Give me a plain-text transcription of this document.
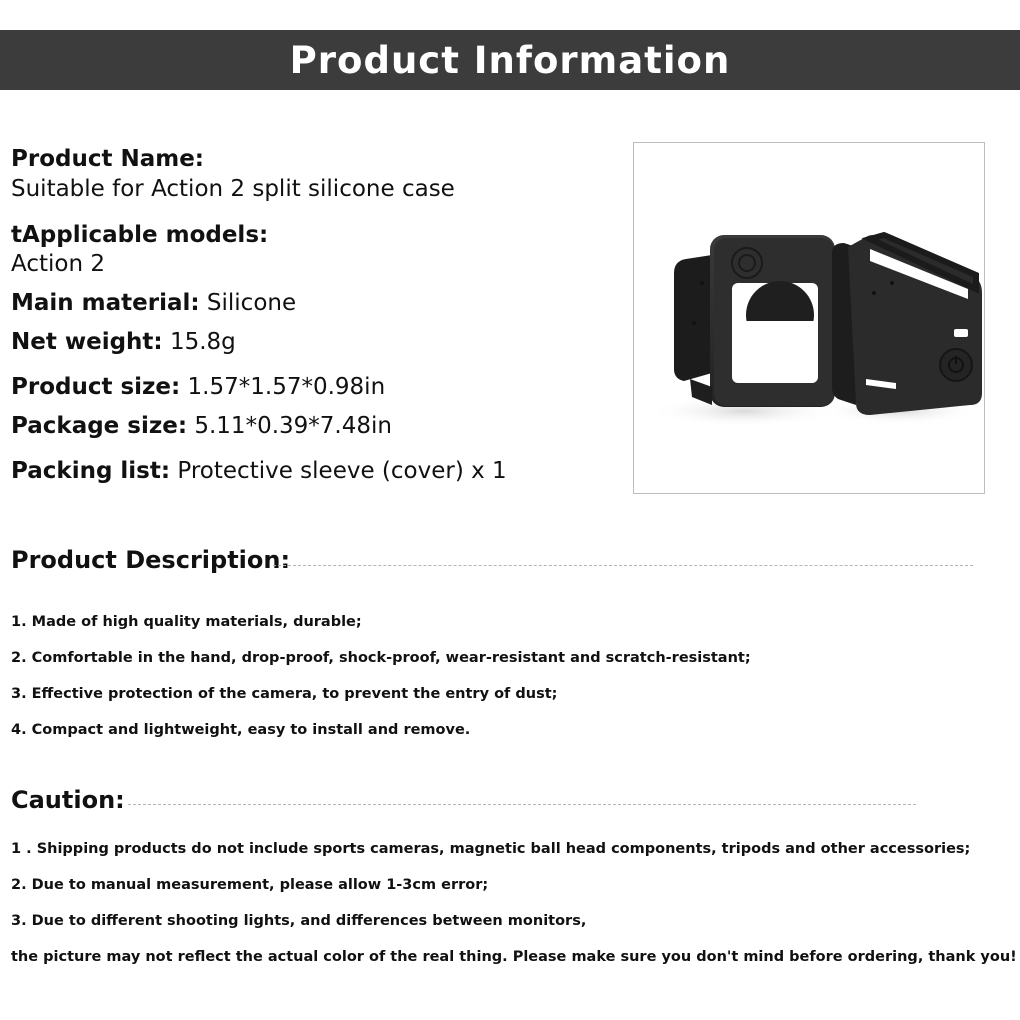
Product Information
Product Name:
Suitable for Action 2 split silicone case
tApplicable models:
Action 2
Main material: Silicone
Net weight: 15.8g
Product size: 1.57*1.57*0.98in
Package size: 5.11*0.39*7.48in
Packing list: Protective sleeve (cover) x 1
Product Description:
1. Made of high quality materials, durable;
2. Comfortable in the hand, drop-proof, shock-proof, wear-resistant and scratch-resistant;
3. Effective protection of the camera, to prevent the entry of dust;
4. Compact and lightweight, easy to install and remove.
Caution:
1 . Shipping products do not include sports cameras, magnetic ball head components, tripods and other accessories;
2. Due to manual measurement, please allow 1-3cm error;
3. Due to different shooting lights, and differences between monitors,
the picture may not reflect the actual color of the real thing. Please make sure you don't mind before ordering, thank you!
